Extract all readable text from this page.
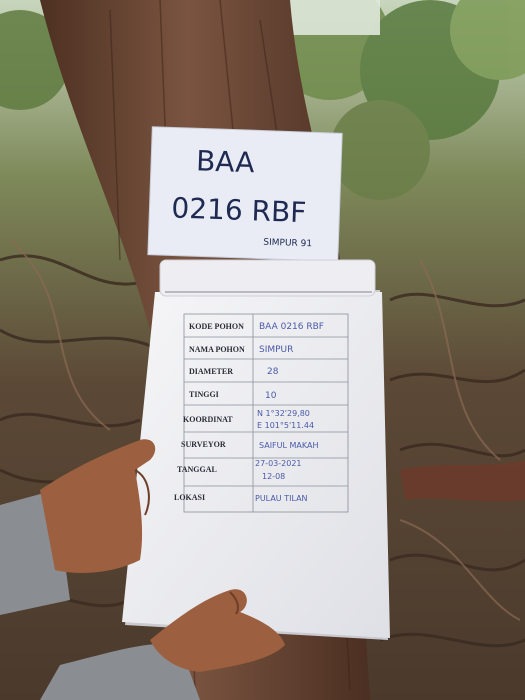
BAA
0216 RBF
SIMPUR 91
KODE POHON BAA 0216 RBF
NAMA POHON SIMPUR
DIAMETER	28
TINGGI	10
KOORDINAT
N 1°32'29,80
E 101°5'11.44
SURVEYOR	SAIFUL MAKAH
TANGGAL
27-03-2021
12-08
LOKASI	PULAU TILAN
